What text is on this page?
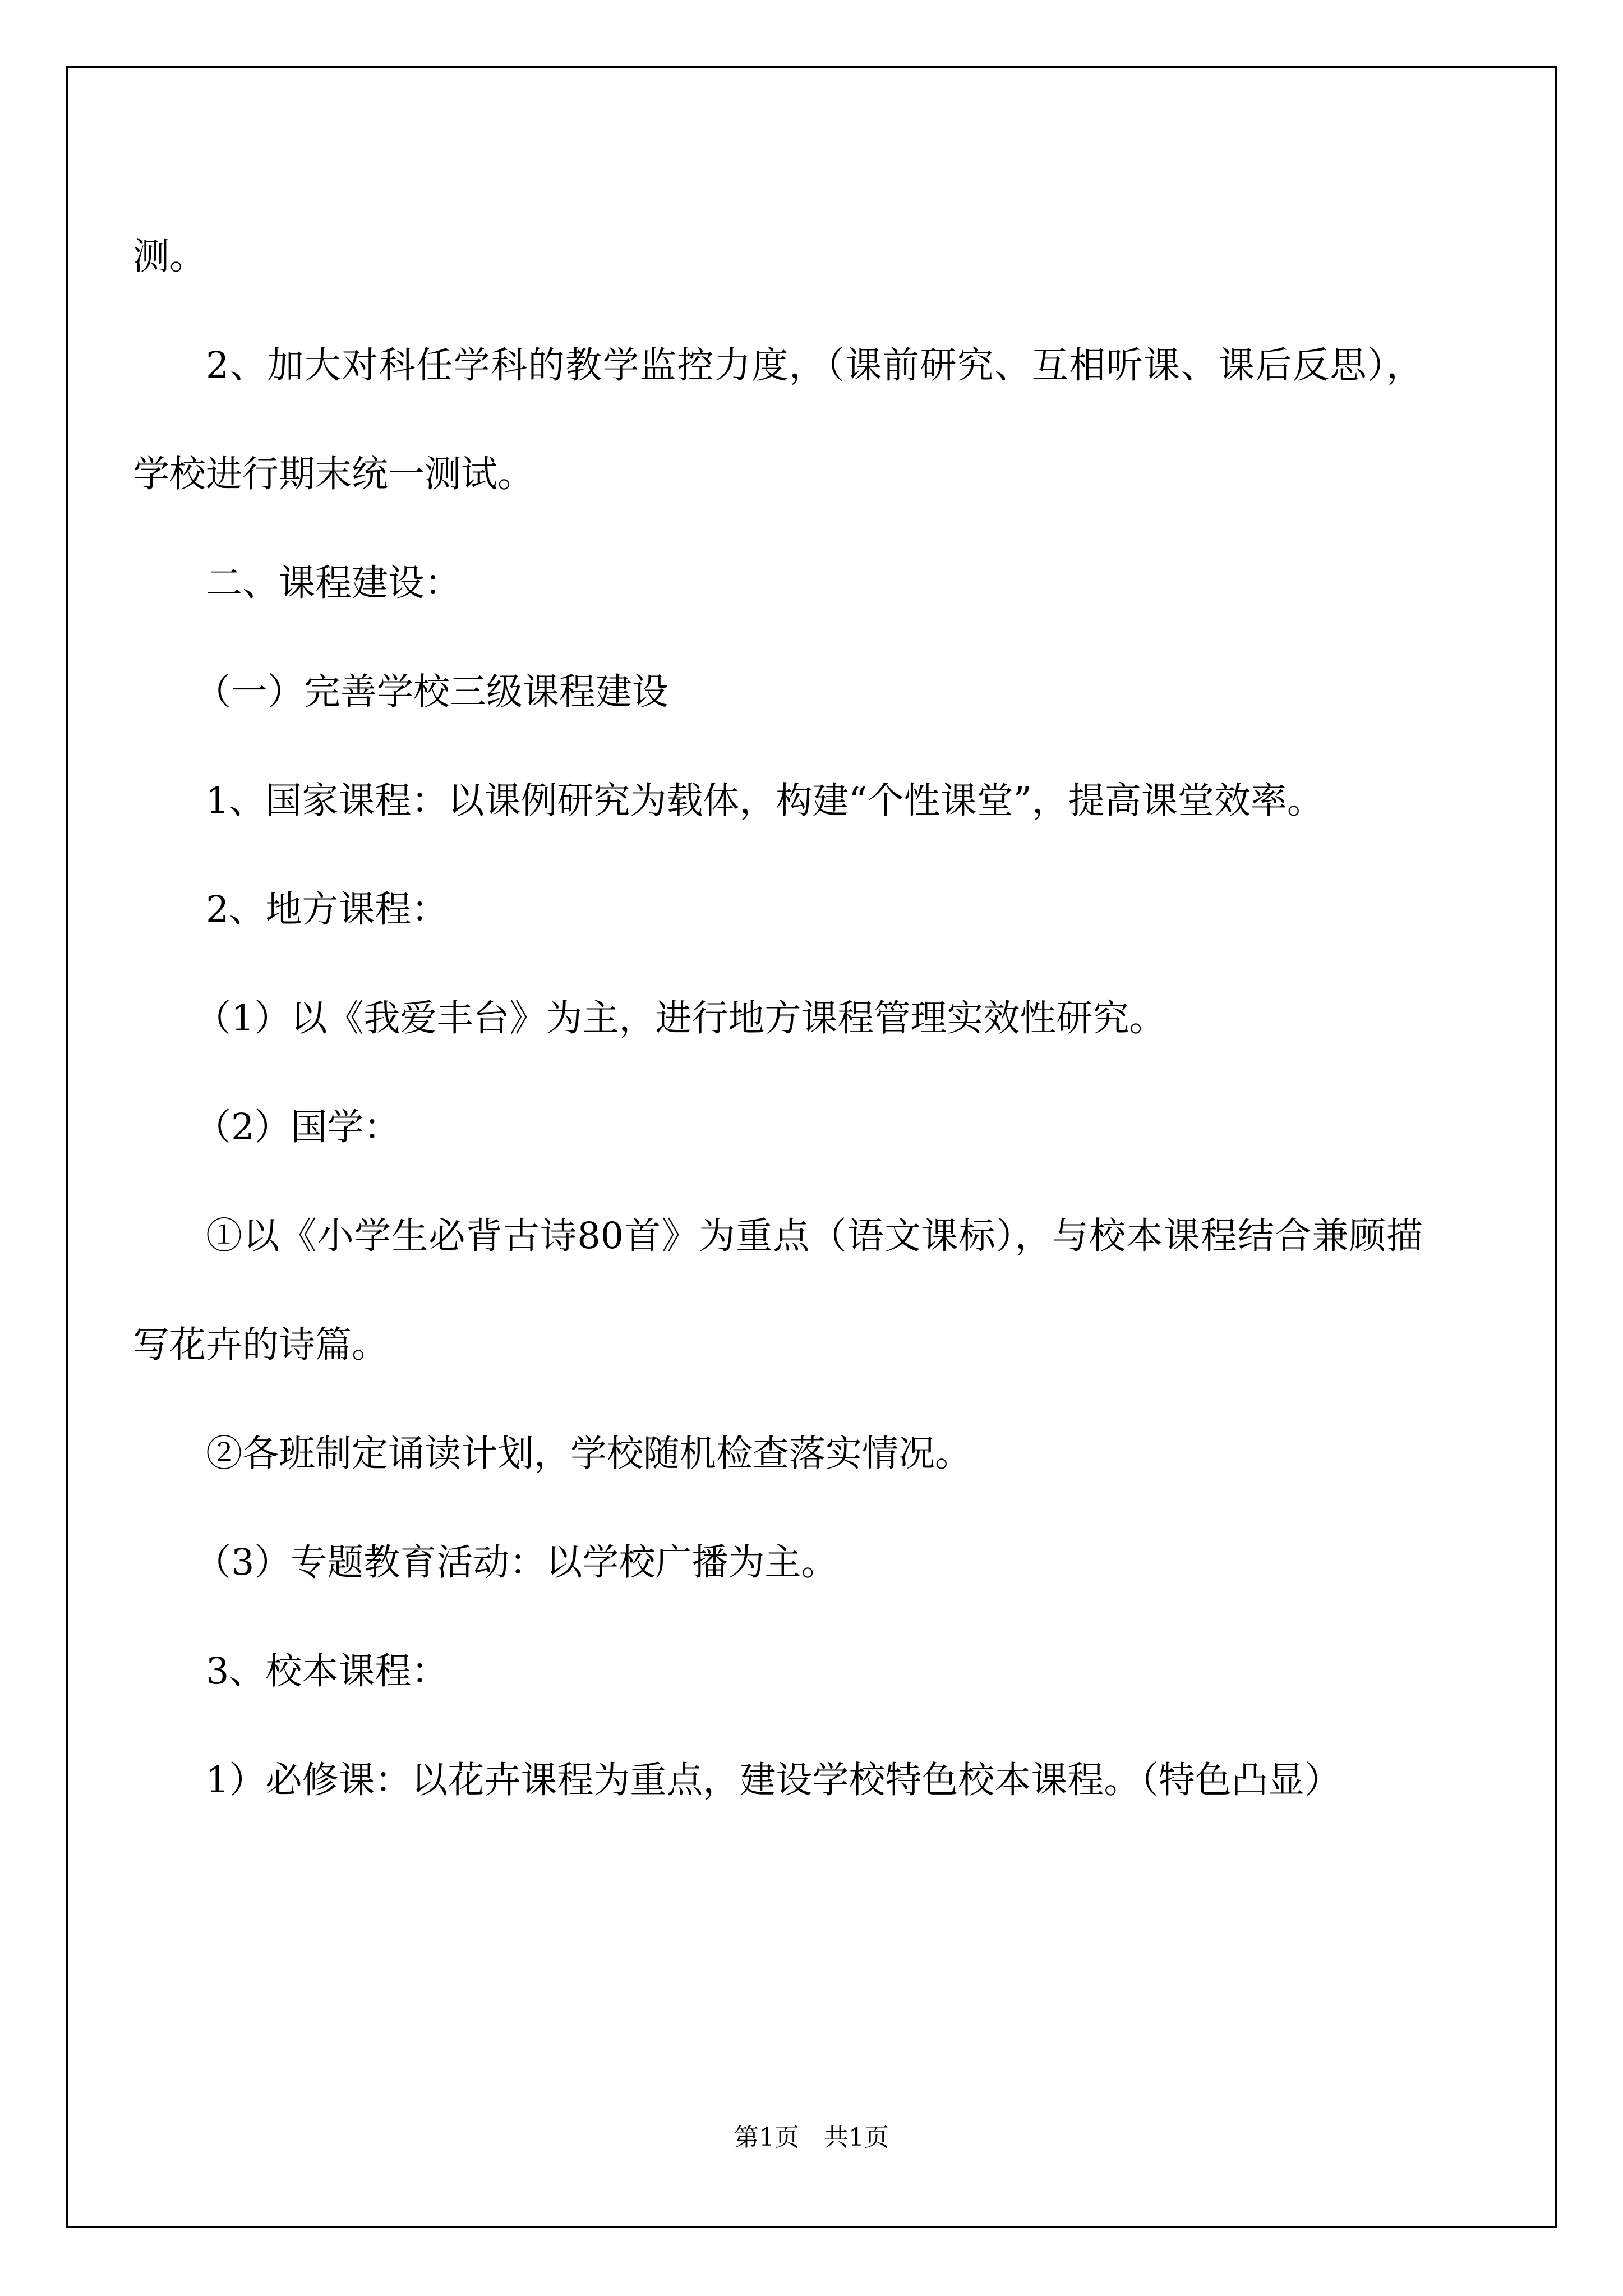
测。

2、加大对科任学科的教学监控力度，（课前研究、互相听课、课后反思），学校进行期末统一测试。

二、课程建设：

（一）完善学校三级课程建设

1、国家课程：以课例研究为载体，构建“个性课堂”，提高课堂效率。

2、地方课程：

（1）以《我爱丰台》为主，进行地方课程管理实效性研究。

（2）国学：

①以《小学生必背古诗80首》为重点（语文课标），与校本课程结合兼顾描写花卉的诗篇。

②各班制定诵读计划，学校随机检查落实情况。

（3）专题教育活动：以学校广播为主。

3、校本课程：

1）必修课：以花卉课程为重点，建设学校特色校本课程。（特色凸显）

第1页　共1页
